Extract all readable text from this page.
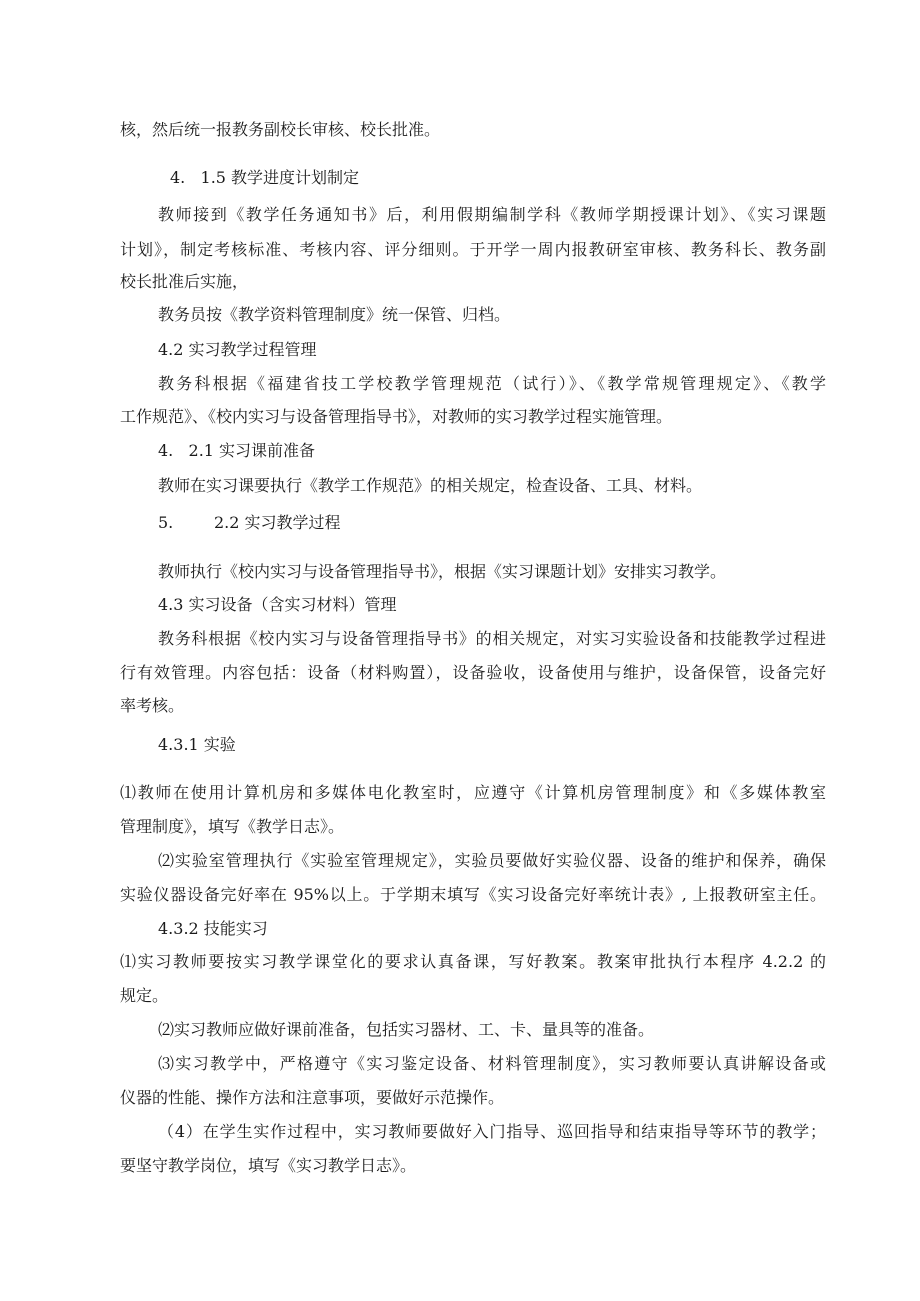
核，然后统一报教务副校长审核、校长批准。
4.   1.5 教学进度计划制定
教师接到《教学任务通知书》后，利用假期编制学科《教师学期授课计划》、《实习课题
计划》，制定考核标准、考核内容、评分细则。于开学一周内报教研室审核、教务科长、教务副
校长批准后实施，
教务员按《教学资料管理制度》统一保管、归档。
4.2 实习教学过程管理
教务科根据《福建省技工学校教学管理规范（试行）》、《教学常规管理规定》、《教学
工作规范》、《校内实习与设备管理指导书》，对教师的实习教学过程实施管理。
4.   2.1 实习课前准备
教师在实习课要执行《教学工作规范》的相关规定，检查设备、工具、材料。
5.        2.2 实习教学过程
教师执行《校内实习与设备管理指导书》，根据《实习课题计划》安排实习教学。
4.3 实习设备（含实习材料）管理
教务科根据《校内实习与设备管理指导书》的相关规定，对实习实验设备和技能教学过程进
行有效管理。内容包括：设备（材料购置），设备验收，设备使用与维护，设备保管，设备完好
率考核。
4.3.1 实验
⑴教师在使用计算机房和多媒体电化教室时，应遵守《计算机房管理制度》和《多媒体教室
管理制度》，填写《教学日志》。
⑵实验室管理执行《实验室管理规定》，实验员要做好实验仪器、设备的维护和保养，确保
实验仪器设备完好率在 95%以上。于学期末填写《实习设备完好率统计表》, 上报教研室主任。
4.3.2 技能实习
⑴实习教师要按实习教学课堂化的要求认真备课，写好教案。教案审批执行本程序 4.2.2 的
规定。
⑵实习教师应做好课前准备，包括实习器材、工、卡、量具等的准备。
⑶实习教学中，严格遵守《实习鉴定设备、材料管理制度》，实习教师要认真讲解设备或
仪器的性能、操作方法和注意事项，要做好示范操作。
（4）在学生实作过程中，实习教师要做好入门指导、巡回指导和结束指导等环节的教学；
要坚守教学岗位，填写《实习教学日志》。
